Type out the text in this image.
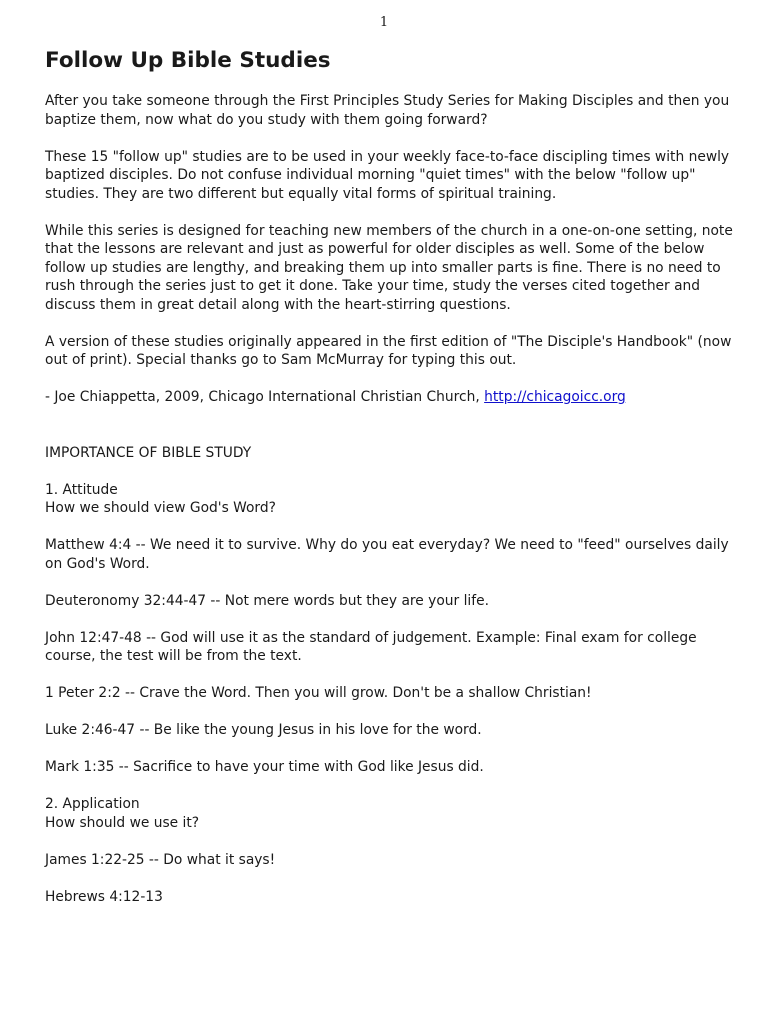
1
Follow Up Bible Studies

After you take someone through the First Principles Study Series for Making Disciples and then you baptize them, now what do you study with them going forward?

These 15 "follow up" studies are to be used in your weekly face-to-face discipling times with newly baptized disciples. Do not confuse individual morning "quiet times" with the below "follow up" studies. They are two different but equally vital forms of spiritual training.

While this series is designed for teaching new members of the church in a one-on-one setting, note that the lessons are relevant and just as powerful for older disciples as well. Some of the below follow up studies are lengthy, and breaking them up into smaller parts is fine. There is no need to rush through the series just to get it done. Take your time, study the verses cited together and discuss them in great detail along with the heart-stirring questions.

A version of these studies originally appeared in the first edition of "The Disciple's Handbook" (now out of print). Special thanks go to Sam McMurray for typing this out.

- Joe Chiappetta, 2009, Chicago International Christian Church, http://chicagoicc.org

IMPORTANCE OF BIBLE STUDY

1. Attitude

How we should view God's Word?

Matthew 4:4 -- We need it to survive. Why do you eat everyday? We need to "feed" ourselves daily on God's Word.

Deuteronomy 32:44-47 -- Not mere words but they are your life.

John 12:47-48 -- God will use it as the standard of judgement. Example: Final exam for college course, the test will be from the text.

1 Peter 2:2 -- Crave the Word. Then you will grow. Don't be a shallow Christian!

Luke 2:46-47 -- Be like the young Jesus in his love for the word.

Mark 1:35 -- Sacrifice to have your time with God like Jesus did.

2. Application

How should we use it?

James 1:22-25 -- Do what it says!

Hebrews 4:12-13
